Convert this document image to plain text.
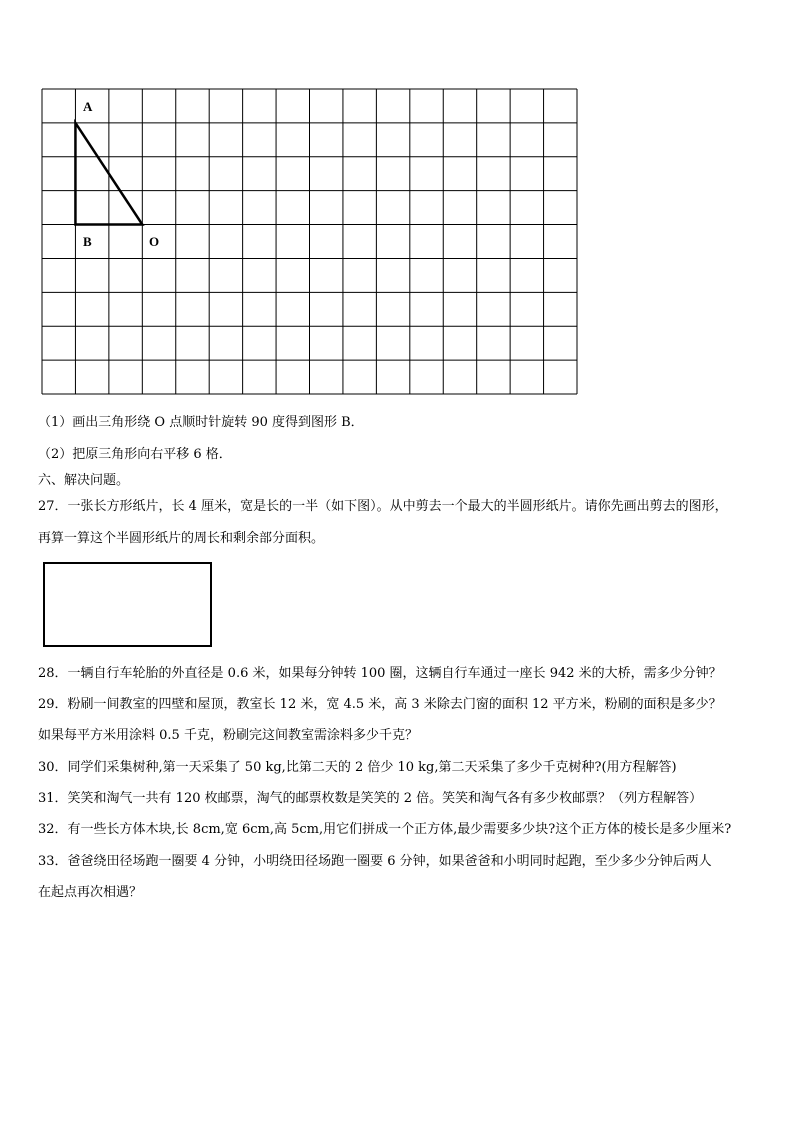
A
B	O
（1）画出三角形绕 O 点顺时针旋转 90 度得到图形 B．
（2）把原三角形向右平移 6 格．
六、解决问题。
27．一张长方形纸片，长 4 厘米，宽是长的一半（如下图）。从中剪去一个最大的半圆形纸片。请你先画出剪去的图形，
再算一算这个半圆形纸片的周长和剩余部分面积。
28．一辆自行车轮胎的外直径是 0.6 米，如果每分钟转 100 圈，这辆自行车通过一座长 942 米的大桥，需多少分钟？
29．粉刷一间教室的四壁和屋顶，教室长 12 米，宽 4.5 米，高 3 米除去门窗的面积 12 平方米，粉刷的面积是多少？
如果每平方米用涂料 0.5 千克，粉刷完这间教室需涂料多少千克？
30．同学们采集树种,第一天采集了 50 kg,比第二天的 2 倍少 10 kg,第二天采集了多少千克树种?(用方程解答)
31．笑笑和淘气一共有 120 枚邮票，淘气的邮票枚数是笑笑的 2 倍。笑笑和淘气各有多少枚邮票？（列方程解答）
32．有一些长方体木块,长 8cm,宽 6cm,高 5cm,用它们拼成一个正方体,最少需要多少块?这个正方体的棱长是多少厘米?
33．爸爸绕田径场跑一圈要 4 分钟，小明绕田径场跑一圈要 6 分钟，如果爸爸和小明同时起跑，至少多少分钟后两人
在起点再次相遇？
